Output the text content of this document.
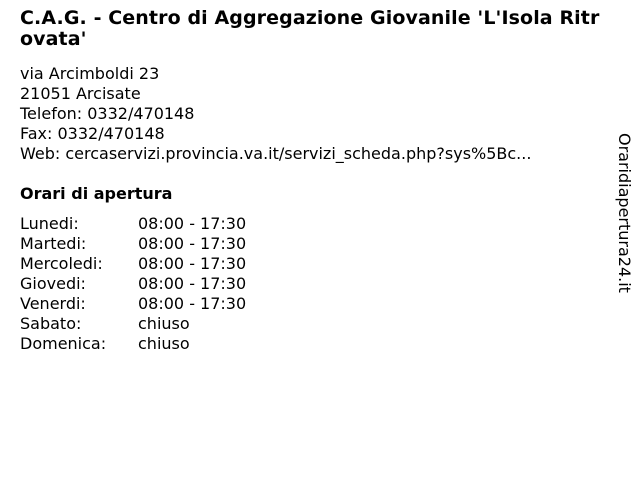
C.A.G. - Centro di Aggregazione Giovanile 'L'Isola Ritrovata'
via Arcimboldi 23
21051 Arcisate
Telefon: 0332/470148
Fax: 0332/470148
Web: cercaservizi.provincia.va.it/servizi_scheda.php?sys%5Bc...
Orari di apertura
Lunedi:	08:00 - 17:30
Martedi:	08:00 - 17:30
Mercoledi: 08:00 - 17:30
Giovedi:	08:00 - 17:30
Venerdi:	08:00 - 17:30
Sabato:	chiuso
Domenica: chiuso
Oraridiapertura24.it
